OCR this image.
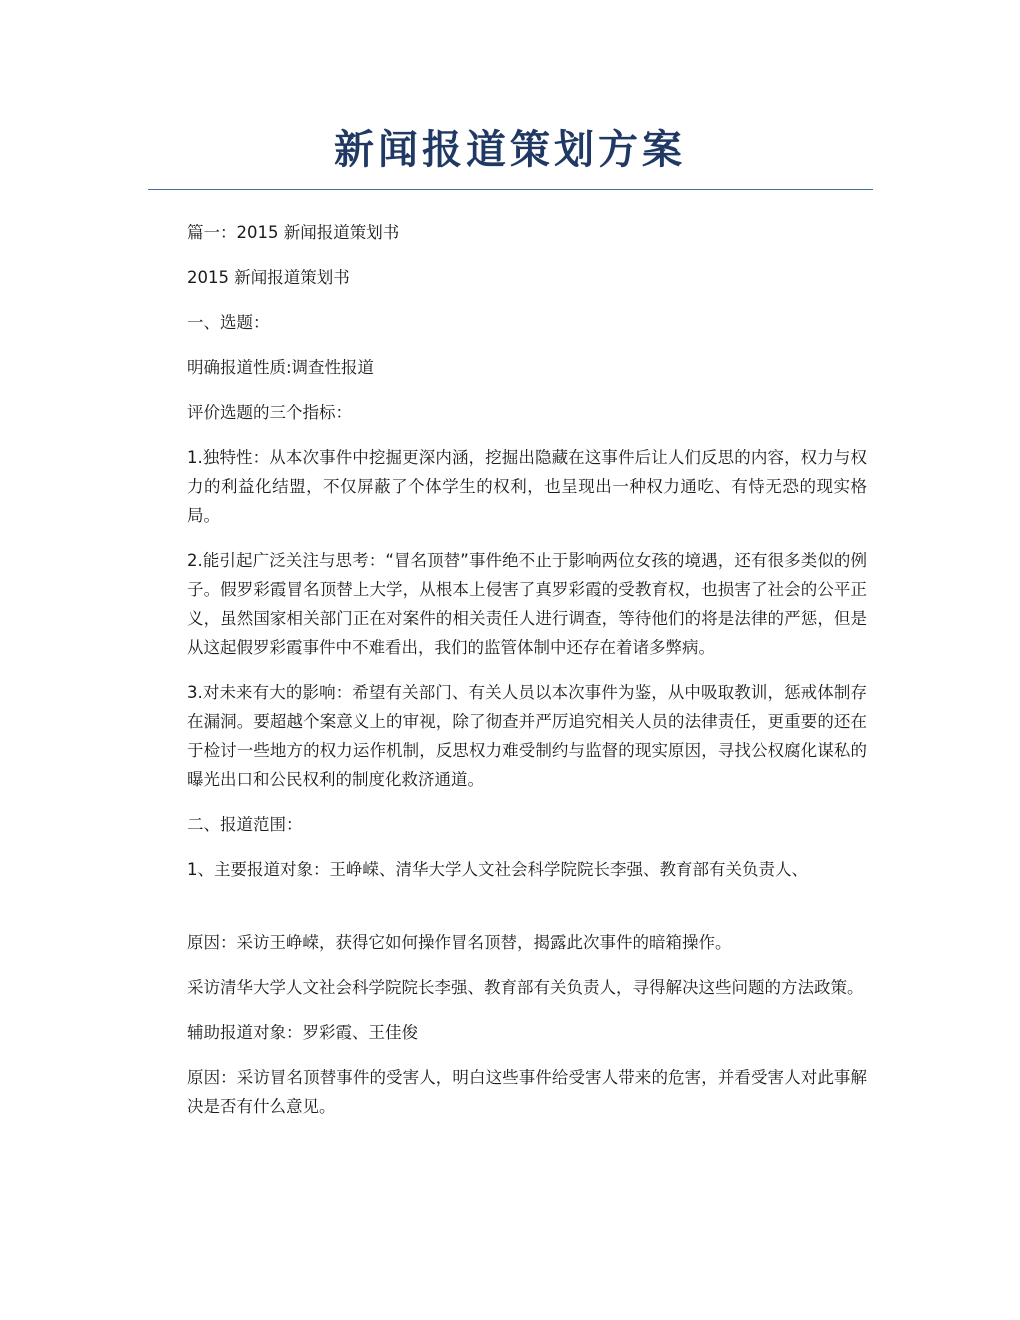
新闻报道策划方案

篇一：2015 新闻报道策划书

2015 新闻报道策划书

一、选题：

明确报道性质:调查性报道

评价选题的三个指标：

1.独特性：从本次事件中挖掘更深内涵，挖掘出隐藏在这事件后让人们反思的内容，权力与权力的利益化结盟，不仅屏蔽了个体学生的权利，也呈现出一种权力通吃、有恃无恐的现实格局。

2.能引起广泛关注与思考：“冒名顶替”事件绝不止于影响两位女孩的境遇，还有很多类似的例子。假罗彩霞冒名顶替上大学，从根本上侵害了真罗彩霞的受教育权，也损害了社会的公平正义，虽然国家相关部门正在对案件的相关责任人进行调查，等待他们的将是法律的严惩，但是从这起假罗彩霞事件中不难看出，我们的监管体制中还存在着诸多弊病。

3.对未来有大的影响：希望有关部门、有关人员以本次事件为鉴，从中吸取教训，惩戒体制存在漏洞。要超越个案意义上的审视，除了彻查并严厉追究相关人员的法律责任，更重要的还在于检讨一些地方的权力运作机制，反思权力难受制约与监督的现实原因，寻找公权腐化谋私的曝光出口和公民权利的制度化救济通道。

二、报道范围：

1、主要报道对象：王峥嵘、清华大学人文社会科学院院长李强、教育部有关负责人、

原因：采访王峥嵘，获得它如何操作冒名顶替，揭露此次事件的暗箱操作。

采访清华大学人文社会科学院院长李强、教育部有关负责人，寻得解决这些问题的方法政策。

辅助报道对象：罗彩霞、王佳俊

原因：采访冒名顶替事件的受害人，明白这些事件给受害人带来的危害，并看受害人对此事解决是否有什么意见。
